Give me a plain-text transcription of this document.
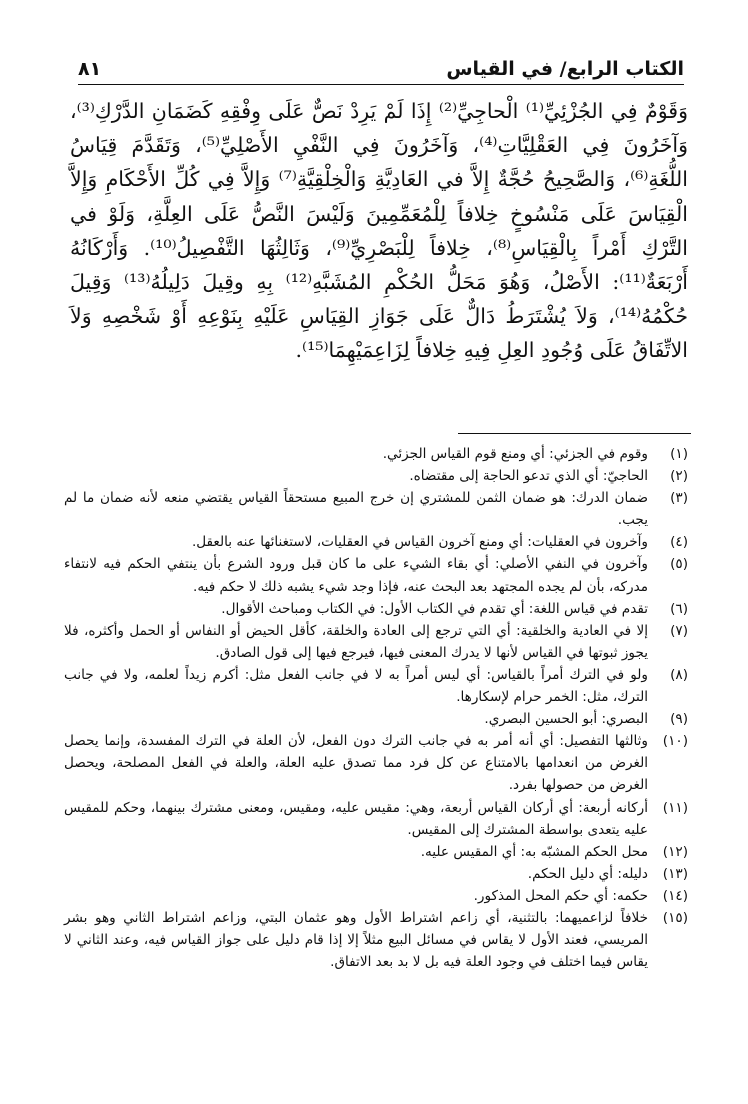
الكتاب الرابع/ في القياس
٨١

وَقَوْمٌ فِي الجُزْئِيِّ⁽¹⁾ الْحاجِيِّ⁽²⁾ إِذَا لَمْ يَرِدْ نَصٌّ عَلَى وِفْقِهِ كَضَمَانِ الدَّرْكِ⁽³⁾، وَآخَرُونَ فِي العَقْلِيَّاتِ⁽⁴⁾، وَآخَرُونَ فِي النَّفْيِ الأَصْلِيِّ⁽⁵⁾، وَتَقَدَّمَ قِيَاسُ اللُّغَةِ⁽⁶⁾، وَالصَّحِيحُ حُجَّةٌ إِلاَّ في العَادِيَّةِ وَالْخِلْقِيَّةِ⁽⁷⁾ وَإِلاَّ فِي كُلِّ الأَحْكَامِ وَإِلاَّ الْقِيَاسَ عَلَى مَنْسُوخٍ خِلافاً لِلْمُعَمِّمِينَ وَلَيْسَ النَّصُّ عَلَى العِلَّةِ، وَلَوْ في التَّرْكِ أَمْراً بِالْقِيَاسِ⁽⁸⁾، خِلافاً لِلْبَصْرِيِّ⁽⁹⁾، وَثَالِثُهَا التَّفْصِيلُ⁽¹⁰⁾. وَأَرْكَانُهُ أَرْبَعَةٌ⁽¹¹⁾: الأَصْلُ، وَهُوَ مَحَلُّ الحُكْمِ المُشَبَّهِ⁽¹²⁾ بِهِ وقِيلَ دَلِيلُهُ⁽¹³⁾ وَقِيلَ حُكْمُهُ⁽¹⁴⁾، وَلاَ يُشْتَرَطُ دَالٌّ عَلَى جَوَازِ القِيَاسِ عَلَيْهِ بِنَوْعِهِ أَوْ شَخْصِهِ وَلاَ الاتِّفَاقُ عَلَى وُجُودِ العِلِ فِيهِ خِلافاً لِزَاعِمَيْهِمَا⁽¹⁵⁾.

(١)
وقوم في الجزئي: أي ومنع قوم القياس الجزئي.
(٢)
الحاجيّ: أي الذي تدعو الحاجة إلى مقتضاه.
(٣)
ضمان الدرك: هو ضمان الثمن للمشتري إن خرج المبيع مستحقاً القياس يقتضي منعه لأنه ضمان ما لم يجب.
(٤)
وآخرون في العقليات: أي ومنع آخرون القياس في العقليات، لاستغنائها عنه بالعقل.
(٥)
وآخرون في النفي الأصلي: أي بقاء الشيء على ما كان قبل ورود الشرع بأن ينتفي الحكم فيه لانتفاء مدركه، بأن لم يجده المجتهد بعد البحث عنه، فإذا وجد شيء يشبه ذلك لا حكم فيه.
(٦)
تقدم في قياس اللغة: أي تقدم في الكتاب الأول: في الكتاب ومباحث الأقوال.
(٧)
إلا في العادية والخلقية: أي التي ترجع إلى العادة والخلقة، كأقل الحيض أو النفاس أو الحمل وأكثره، فلا يجوز ثبوتها في القياس لأنها لا يدرك المعنى فيها، فيرجع فيها إلى قول الصادق.
(٨)
ولو في الترك أمراً بالقياس: أي ليس أمراً به لا في جانب الفعل مثل: أكرم زيداً لعلمه، ولا في جانب الترك، مثل: الخمر حرام لإسكارها.
(٩)
البصري: أبو الحسين البصري.
(١٠)
وثالثها التفصيل: أي أنه أمر به في جانب الترك دون الفعل، لأن العلة في الترك المفسدة، وإنما يحصل الغرض من انعدامها بالامتناع عن كل فرد مما تصدق عليه العلة، والعلة في الفعل المصلحة، ويحصل الغرض من حصولها بفرد.
(١١)
أركانه أربعة: أي أركان القياس أربعة، وهي: مقيس عليه، ومقيس، ومعنى مشترك بينهما، وحكم للمقيس عليه يتعدى بواسطة المشترك إلى المقيس.
(١٢)
محل الحكم المشبّه به: أي المقيس عليه.
(١٣)
دليله: أي دليل الحكم.
(١٤)
حكمه: أي حكم المحل المذكور.
(١٥)
خلافاً لزاعميهما: بالتثنية، أي زاعم اشتراط الأول وهو عثمان البتي، وزاعم اشتراط الثاني وهو بشر المريسي، فعند الأول لا يقاس في مسائل البيع مثلاً إلا إذا قام دليل على جواز القياس فيه، وعند الثاني لا يقاس فيما اختلف في وجود العلة فيه بل لا بد بعد الاتفاق.
